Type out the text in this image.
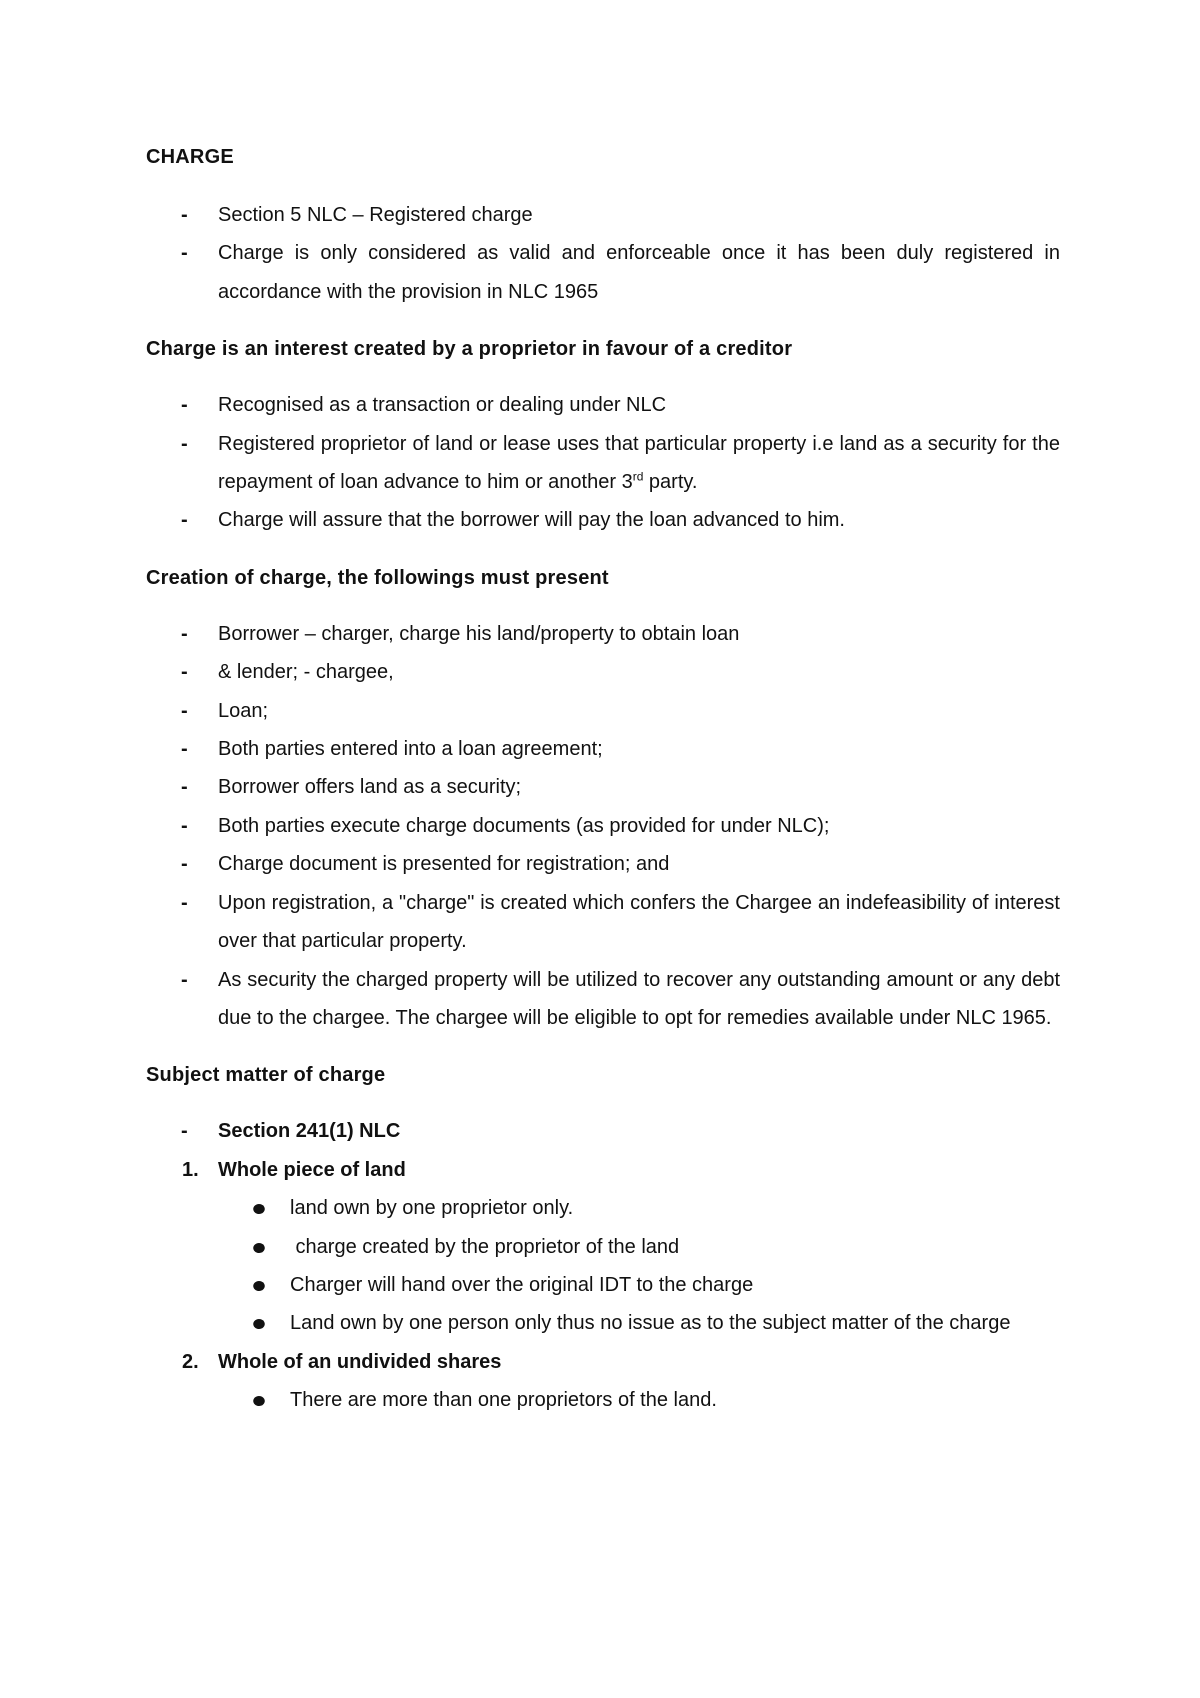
CHARGE
- Section 5 NLC – Registered charge
- Charge is only considered as valid and enforceable once it has been duly registered in accordance with the provision in NLC 1965
Charge is an interest created by a proprietor in favour of a creditor
- Recognised as a transaction or dealing under NLC
- Registered proprietor of land or lease uses that particular property i.e land as a security for the repayment of loan advance to him or another 3rd party.
- Charge will assure that the borrower will pay the loan advanced to him.
Creation of charge, the followings must present
- Borrower – charger, charge his land/property to obtain loan
- & lender; - chargee,
- Loan;
- Both parties entered into a loan agreement;
- Borrower offers land as a security;
- Both parties execute charge documents (as provided for under NLC);
- Charge document is presented for registration; and
- Upon registration, a "charge" is created which confers the Chargee an indefeasibility of interest over that particular property.
- As security the charged property will be utilized to recover any outstanding amount or any debt due to the chargee. The chargee will be eligible to opt for remedies available under NLC 1965.
Subject matter of charge
- Section 241(1) NLC
1. Whole piece of land
land own by one proprietor only.
charge created by the proprietor of the land
Charger will hand over the original IDT to the charge
Land own by one person only thus no issue as to the subject matter of the charge
2. Whole of an undivided shares
There are more than one proprietors of the land.
